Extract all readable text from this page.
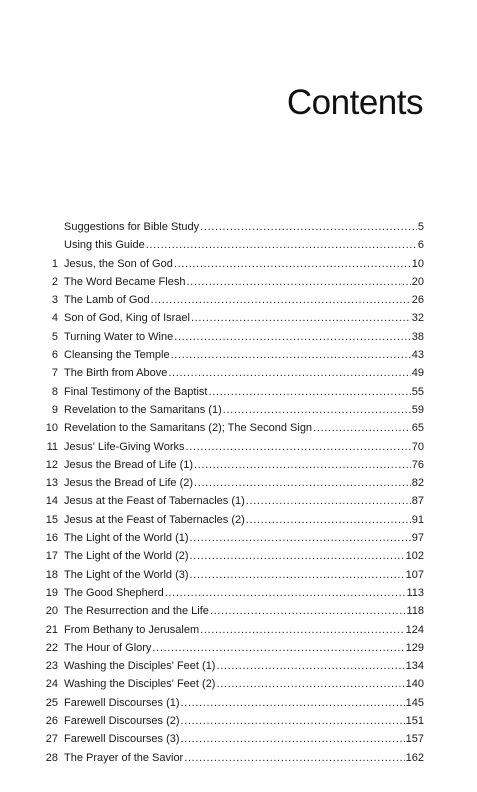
Contents
Suggestions for Bible Study . . .	5
Using this Guide . . .	6
1 Jesus, the Son of God . . .	10
2 The Word Became Flesh . . .	20
3 The Lamb of God . . .	26
4 Son of God, King of Israel . . .	32
5 Turning Water to Wine . . .	38
6 Cleansing the Temple . . .	43
7 The Birth from Above . . .	49
8 Final Testimony of the Baptist . . .	55
9 Revelation to the Samaritans (1) . . .	59
10 Revelation to the Samaritans (2); The Second Sign . . .	65
11 Jesus' Life-Giving Works . . .	70
12 Jesus the Bread of Life (1) . . .	76
13 Jesus the Bread of Life (2) . . .	82
14 Jesus at the Feast of Tabernacles (1) . . .	87
15 Jesus at the Feast of Tabernacles (2) . . .	91
16 The Light of the World (1) . . .	97
17 The Light of the World (2) . . .	102
18 The Light of the World (3) . . .	107
19 The Good Shepherd . . .	113
20 The Resurrection and the Life . . .	118
21 From Bethany to Jerusalem . . .	124
22 The Hour of Glory . . .	129
23 Washing the Disciples' Feet (1) . . .	134
24 Washing the Disciples' Feet (2) . . .	140
25 Farewell Discourses (1) . . .	145
26 Farewell Discourses (2) . . .	151
27 Farewell Discourses (3) . . .	157
28 The Prayer of the Savior . . .	162
